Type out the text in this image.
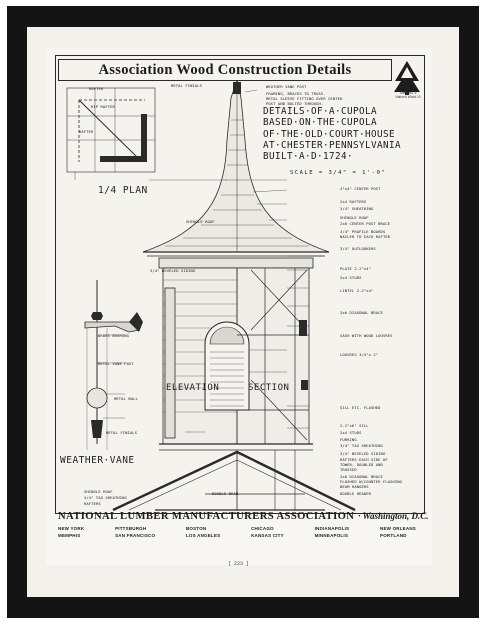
Association Wood Construction Details
Sheet No. 6
Nation's Wood 10
DETAILS·OF·A·CUPOLA
BASED·ON·THE·CUPOLA
OF·THE·OLD·COURT·HOUSE
AT·CHESTER·PENNSYLVANIA
BUILT·A·D·1724·
SCALE = 3/4" = 1'-0"
1/4 PLAN
WEATHER·VANE
ELEVATION	SECTION
RAFTER
HIP RAFTER
RAFTER
WEATHER VANE POST
FRAMING, BRACES TO TRUSS.
METAL SLEEVE FITTING OVER CENTER
POST AND BOLTED THROUGH.
4"x4" CENTER POST
2x4 RAFTERS
3/4" SHEATHING
SHINGLE ROOF
2x6 CENTER POST BRACE
3/4" PROFILE BOARDS
NAILED TO EACH RAFTER
3/4" OUTLOOKERS
PLATE 2-2"x4"
2x4 STUDS
LINTEL 2-2"x4"
2x6 DIAGONAL BRACE
SASH WITH WOOD LOUVRES
LOUVRES 3/4"x 2"
SILL ETC. FLASHED
2-2"x6" SILL
2x4 STUDS
FURRING
3/4" T&G SHEATHING
3/4" BEVELED SIDING
RAFTERS EACH SIDE OF
TOWER, DOUBLED AND
TRUSSED
2x6 DIAGONAL BRACE
FLASHED W/COUNTER FLASHING
BEAM HANGERS
DOUBLE HEADER
METAL FINIALS
SHINGLE ROOF
3/4" BEVELED SIDING
BRASS BUSHING
METAL VANE POST
METAL BALL
METAL FINIALS
SHINGLE ROOF
3/4" T&G SHEATHING
RAFTERS
DOUBLE BEAM
NATIONAL LUMBER MANUFACTURERS ASSOCIATION · Washington, D.C.
NEW YORK	PITTSBURGH	BOSTON	CHICAGO	INDIANAPOLIS	NEW ORLEANS
MEMPHIS	SAN FRANCISCO	LOS ANGELES	KANSAS CITY	MINNEAPOLIS	PORTLAND
[ 223 ]
